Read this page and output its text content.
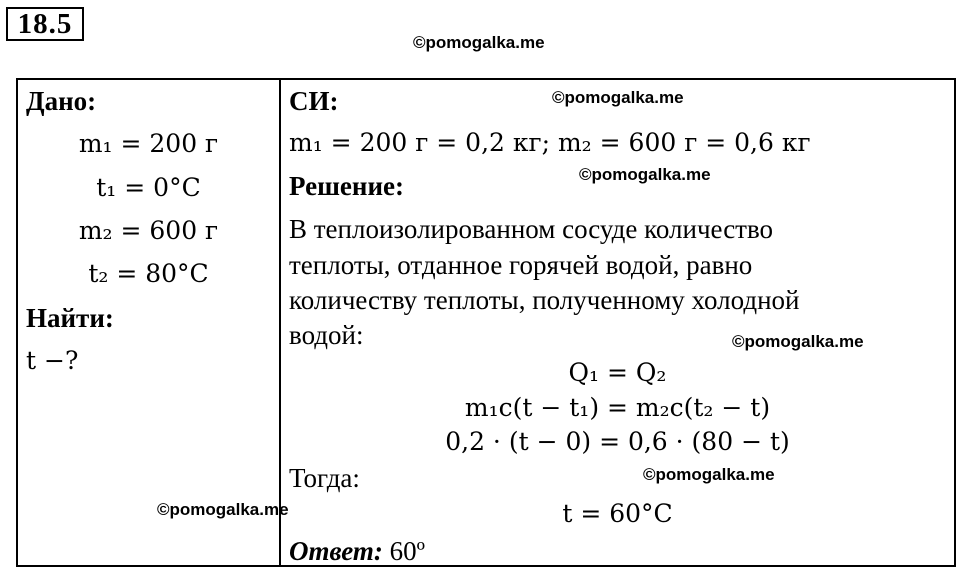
18.5
©pomogalka.me
Дано:
m₁ = 200 г
t₁ = 0°C
m₂ = 600 г
t₂ = 80°C
Найти:
t −?
СИ:
m₁ = 200 г = 0,2 кг; m₂ = 600 г = 0,6 кг
Решение:
В теплоизолированном сосуде количество
теплоты, отданное горячей водой, равно
количеству теплоты, полученному холодной
водой:
Q₁ = Q₂
m₁c(t − t₁) = m₂c(t₂ − t)
0,2 · (t − 0) = 0,6 · (80 − t)
Тогда:
t = 60°C
Ответ: 60º
©pomogalka.me
©pomogalka.me
©pomogalka.me
©pomogalka.me
©pomogalka.me
